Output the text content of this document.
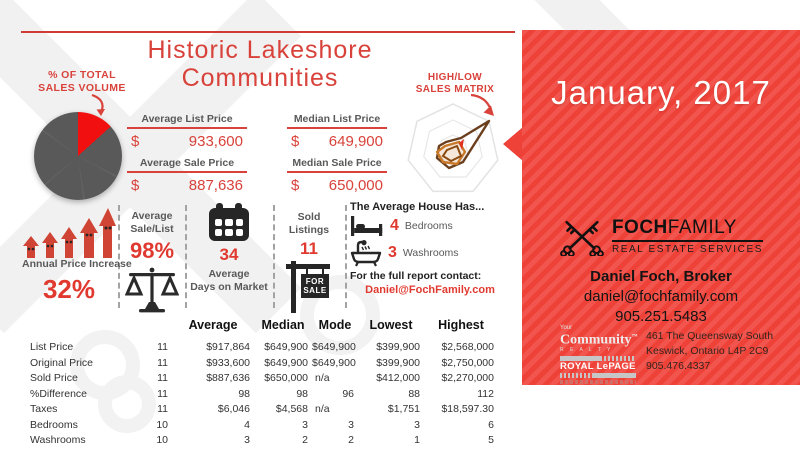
Historic Lakeshore
Communities
% OF TOTAL
SALES VOLUME
Average List Price
$	933,600
Average Sale Price
$	887,636
Median List Price
$ 649,900
Median Sale Price
$ 650,000
HIGH/LOW
SALES MATRIX
Annual Price Increase
32%
Average
Sale/List
98%	34
Average
Days on Market
Sold
Listings
11
FOR
SALE
The Average House Has...
4 Bedrooms
3 Washrooms
For the full report contact:
Daniel@FochFamily.com
Average	Median	Mode	Lowest	Highest
List Price	11	$917,864	$649,900 $649,900	$399,900	$2,568,000
Original Price	11	$933,600	$649,900 $649,900	$399,900	$2,750,000
Sold Price	11	$887,636	$650,000 n/a	$412,000	$2,270,000
%Difference	11	98	98	96	88	112
Taxes	11	$6,046	$4,568 n/a	$1,751	$18,597.30
Bedrooms	10	4	3	3	3	6
Washrooms	10	3	2	2	1	5
January, 2017
FOCHFAMILY
REAL ESTATE SERVICES
Daniel Foch, Broker
daniel@fochfamily.com
905.251.5483
Your
Community™
R E A L T Y
ROYAL LePAGE
461 The Queensway South
Keswick, Ontario L4P 2C9
905.476.4337
